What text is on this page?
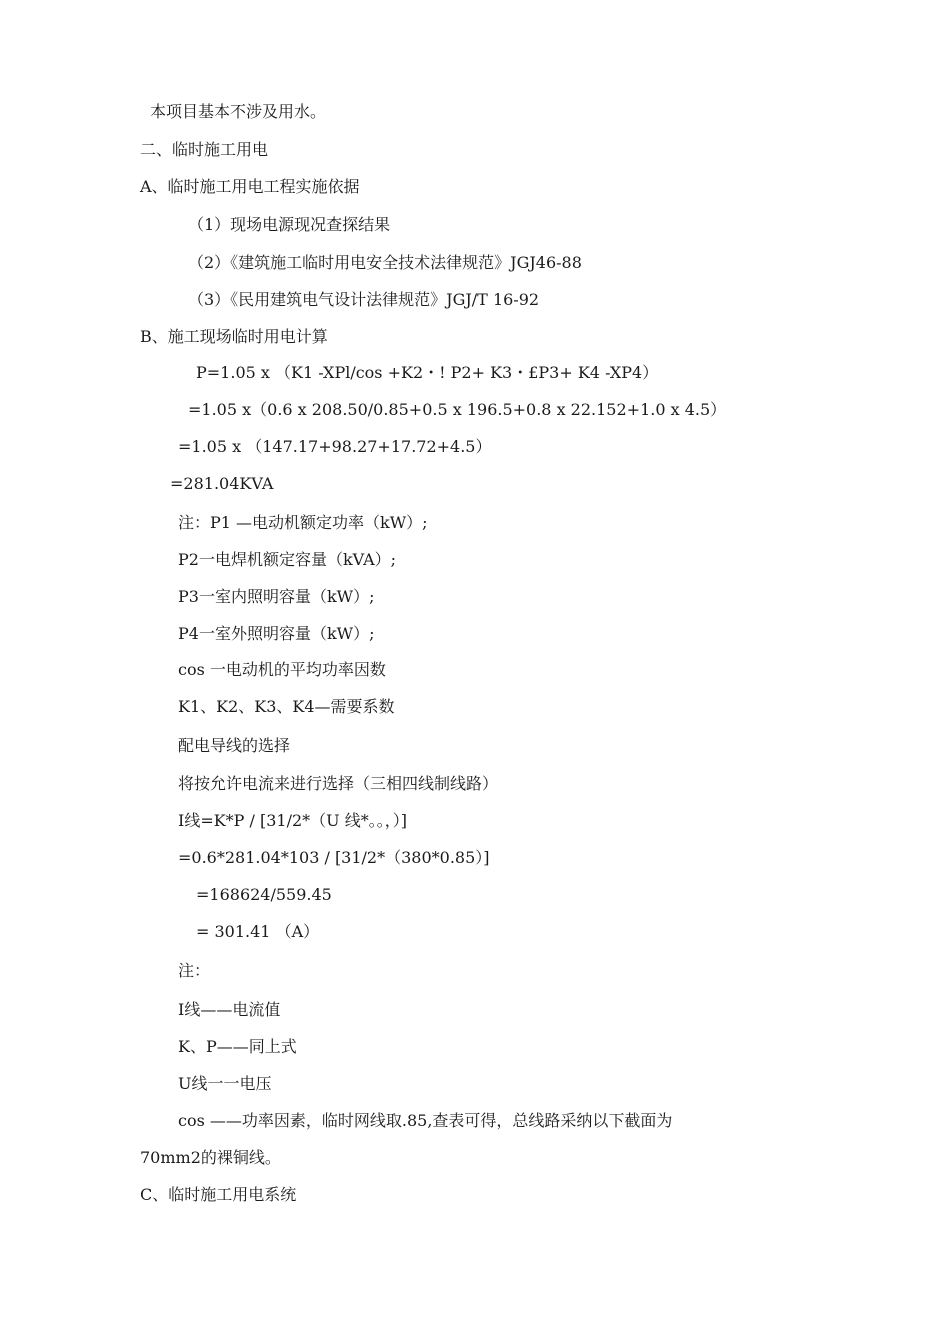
本项目基本不涉及用水。
二、临时施工用电
A、临时施工用电工程实施依据
（1）现场电源现况查探结果
（2）《建筑施工临时用电安全技术法律规范》JGJ46-88
（3）《民用建筑电气设计法律规范》JGJ/T 16-92
B、施工现场临时用电计算
P=1.05 x （K1 -XPl/cos +K2・! P2+ K3・£P3+ K4 -XP4）
=1.05 x（0.6 x 208.50/0.85+0.5 x 196.5+0.8 x 22.152+1.0 x 4.5）
=1.05 x （147.17+98.27+17.72+4.5）
=281.04KVA
注：P1 —电动机额定功率（kW）;
P2一电焊机额定容量（kVA）;
P3一室内照明容量（kW）;
P4一室外照明容量（kW）;
cos 一电动机的平均功率因数
K1、K2、K3、K4—需要系数
配电导线的选择
将按允许电流来进行选择（三相四线制线路）
I线=K*P / [31/2*（U 线*。。，）]
=0.6*281.04*103 / [31/2*（380*0.85）]
=168624/559.45
= 301.41 （A）
注：
I线——电流值
K、P——同上式
U线一一电压
cos ——功率因素，临时网线取.85,查表可得，总线路采纳以下截面为
70mm2的裸铜线。
C、临时施工用电系统
